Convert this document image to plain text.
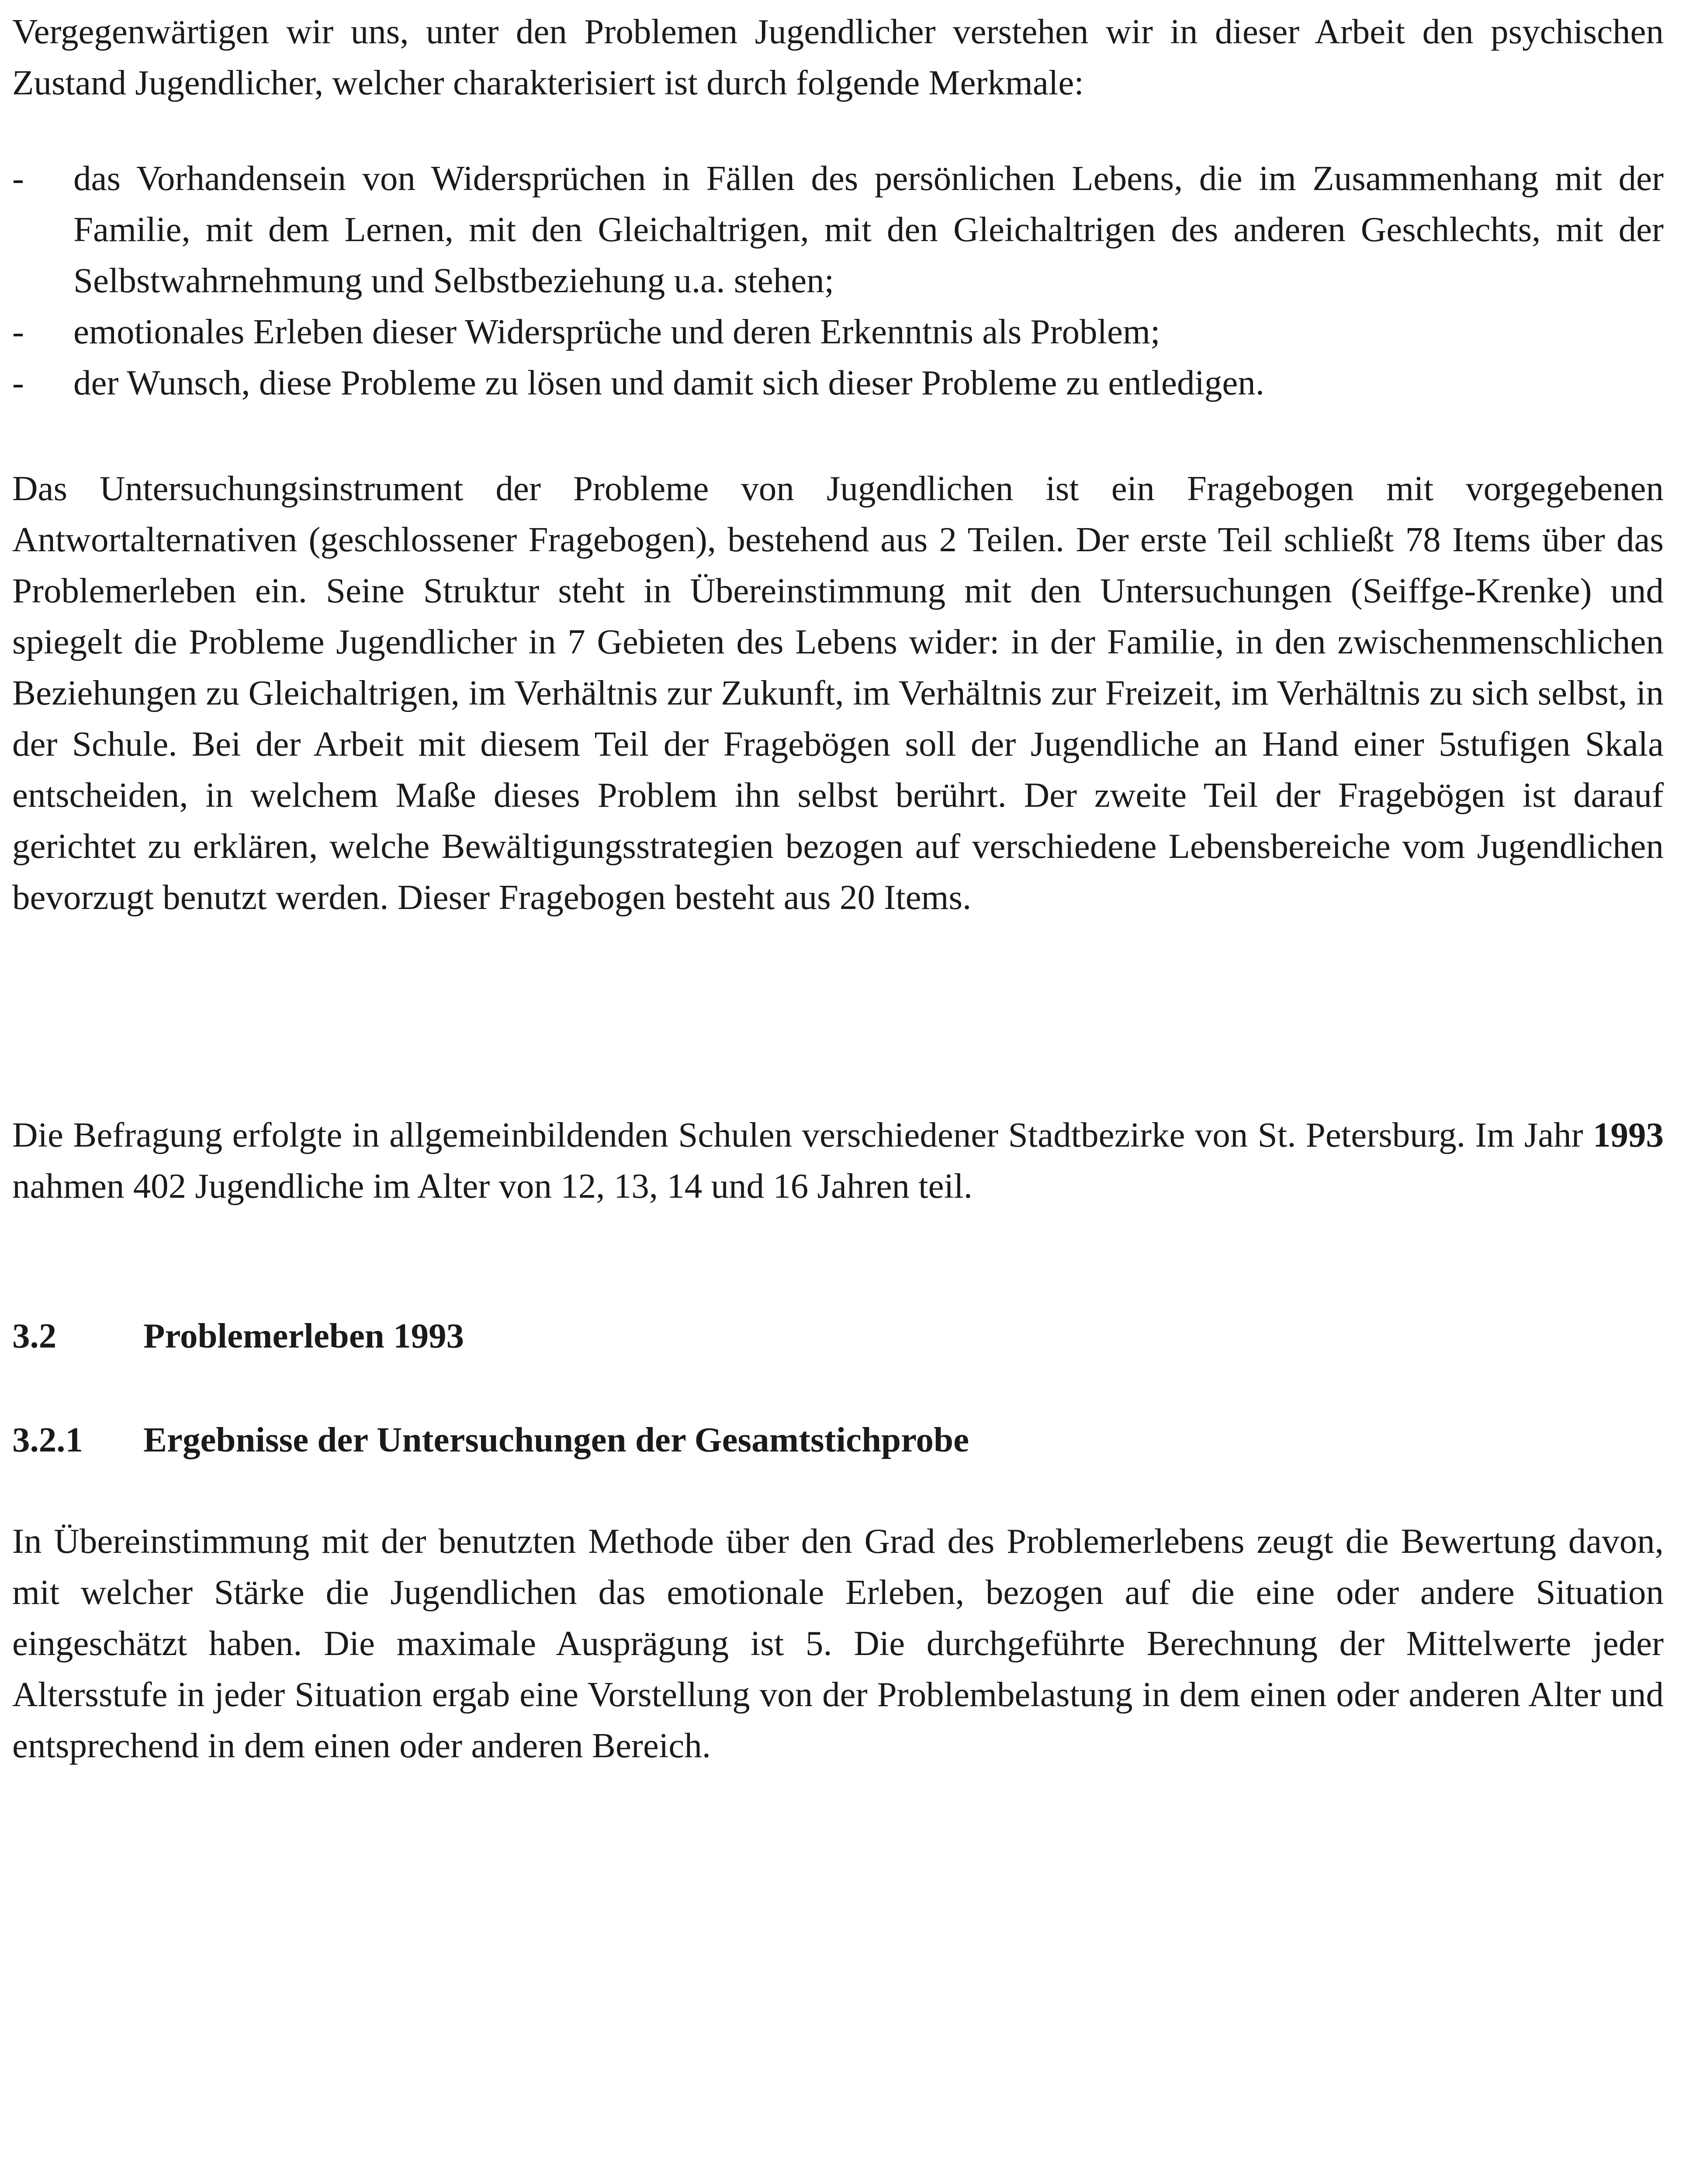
Vergegenwärtigen wir uns, unter den Problemen Jugendlicher verstehen wir in dieser Arbeit den psychischen Zustand Jugendlicher, welcher charakterisiert ist durch folgende Merkmale:

-	das Vorhandensein von Widersprüchen in Fällen des persönlichen Lebens, die im Zusammenhang mit der Familie, mit dem Lernen, mit den Gleichaltrigen, mit den Gleichaltrigen des anderen Geschlechts, mit der Selbstwahrnehmung und Selbstbeziehung u.a. stehen;

-	emotionales Erleben dieser Widersprüche und deren Erkenntnis als Problem;

-	der Wunsch, diese Probleme zu lösen und damit sich dieser Probleme zu entledigen.

Das Untersuchungsinstrument der Probleme von Jugendlichen ist ein Fragebogen mit vorgegebenen Antwortalternativen (geschlossener Fragebogen), bestehend aus 2 Teilen. Der erste Teil schließt 78 Items über das Problemerleben ein. Seine Struktur steht in Übereinstimmung mit den Untersuchungen (Seiffge-Krenke) und spiegelt die Probleme Jugendlicher in 7 Gebieten des Lebens wider: in der Familie, in den zwischenmenschlichen Beziehungen zu Gleichaltrigen, im Verhältnis zur Zukunft, im Verhältnis zur Freizeit, im Verhältnis zu sich selbst, in der Schule. Bei der Arbeit mit diesem Teil der Fragebögen soll der Jugendliche an Hand einer 5stufigen Skala entscheiden, in welchem Maße dieses Problem ihn selbst berührt. Der zweite Teil der Fragebögen ist darauf gerichtet zu erklären, welche Bewältigungsstrategien bezogen auf verschiedene Lebensbereiche vom Jugendlichen bevorzugt benutzt werden. Dieser Fragebogen besteht aus 20 Items.

Die Befragung erfolgte in allgemeinbildenden Schulen verschiedener Stadtbezirke von St. Petersburg. Im Jahr 1993 nahmen 402 Jugendliche im Alter von 12, 13, 14 und 16 Jahren teil.

3.2 Problemerleben 1993
3.2.1 Ergebnisse der Untersuchungen der Gesamtstichprobe

In Übereinstimmung mit der benutzten Methode über den Grad des Problemerlebens zeugt die Bewertung davon, mit welcher Stärke die Jugendlichen das emotionale Erleben, bezogen auf die eine oder andere Situation eingeschätzt haben. Die maximale Ausprägung ist 5. Die durchgeführte Berechnung der Mittelwerte jeder Altersstufe in jeder Situation ergab eine Vorstellung von der Problembelastung in dem einen oder anderen Alter und entsprechend in dem einen oder anderen Bereich.
